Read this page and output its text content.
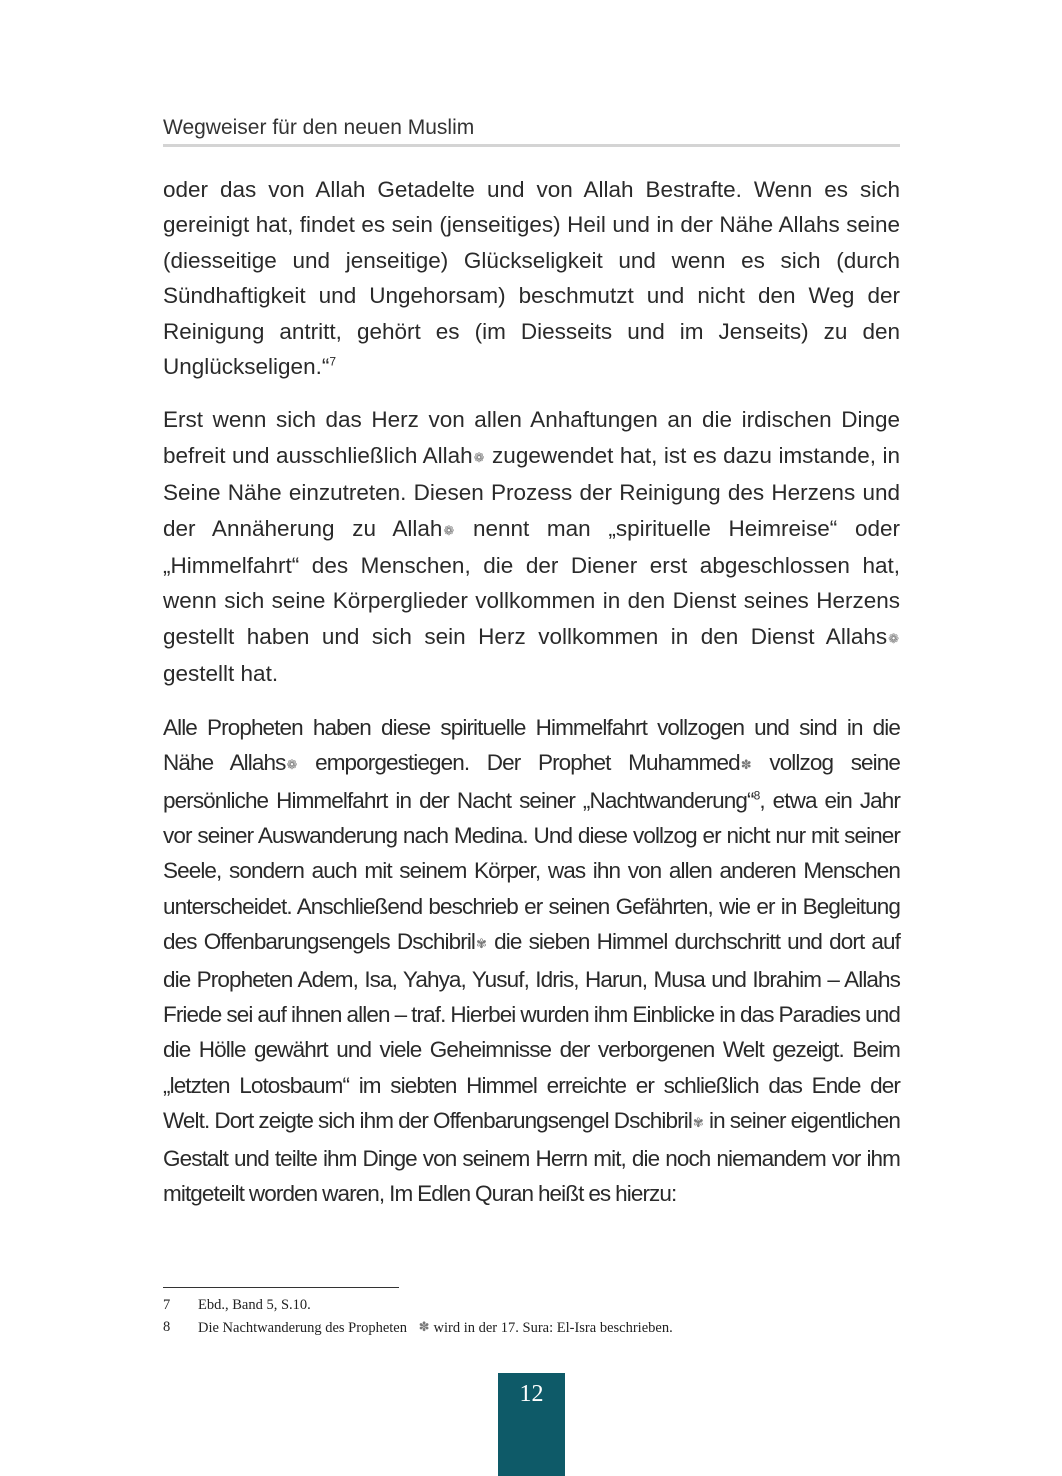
Wegweiser für den neuen Muslim

oder das von Allah Getadelte und von Allah Bestrafte. Wenn es sich gereinigt hat, findet es sein (jenseitiges) Heil und in der Nähe Allahs seine (diesseitige und jenseitige) Glückseligkeit und wenn es sich (durch Sündhaftigkeit und Ungehorsam) beschmutzt und nicht den Weg der Reinigung antritt, gehört es (im Diesseits und im Jenseits) zu den Unglückseligen.“$^7$

Erst wenn sich das Herz von allen Anhaftungen an die irdischen Dinge befreit und ausschließlich Allah❁ zugewendet hat, ist es dazu imstande, in Seine Nähe einzutreten. Diesen Prozess der Reinigung des Herzens und der Annäherung zu Allah❁ nennt man „spirituelle Heimreise“ oder „Himmelfahrt“ des Menschen, die der Diener erst abgeschlossen hat, wenn sich seine Körperglieder vollkommen in den Dienst seines Herzens gestellt haben und sich sein Herz vollkommen in den Dienst Allahs❁ gestellt hat.

Alle Propheten haben diese spirituelle Himmelfahrt vollzogen und sind in die Nähe Allahs❁ emporgestiegen. Der Prophet Muhammed✽ vollzog seine persönliche Himmelfahrt in der Nacht seiner „Nachtwanderung“$^8$, etwa ein Jahr vor seiner Auswanderung nach Medina. Und diese vollzog er nicht nur mit seiner Seele, sondern auch mit seinem Körper, was ihn von allen anderen Menschen unterscheidet. Anschließend beschrieb er seinen Gefährten, wie er in Begleitung des Offenbarungsengels Dschibril✾ die sieben Himmel durchschritt und dort auf die Propheten Adem, Isa, Yahya, Yusuf, Idris, Harun, Musa und Ibrahim – Allahs Friede sei auf ihnen allen – traf. Hierbei wurden ihm Einblicke in das Paradies und die Hölle gewährt und viele Geheimnisse der verborgenen Welt gezeigt. Beim „letzten Lotosbaum“ im siebten Himmel erreichte er schließlich das Ende der Welt. Dort zeigte sich ihm der Offenbarungsengel Dschibril✾ in seiner eigentlichen Gestalt und teilte ihm Dinge von seinem Herrn mit, die noch niemandem vor ihm mitgeteilt worden waren, Im Edlen Quran heißt es hierzu:

7	Ebd., Band 5, S.10.
8	Die Nachtwanderung des Propheten ✽ wird in der 17. Sura: El-Isra beschrieben.
12
